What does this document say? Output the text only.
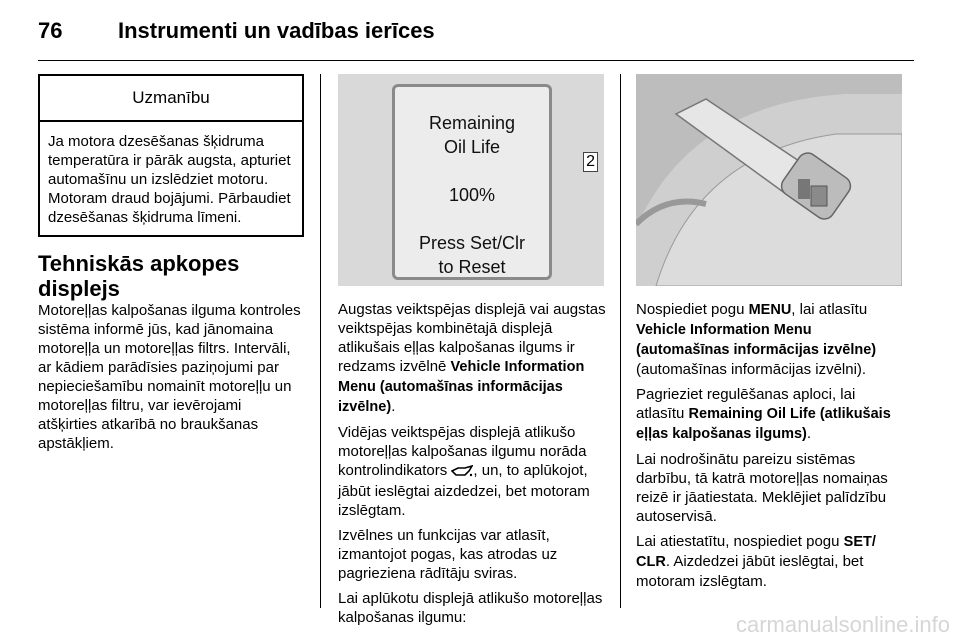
76	Instrumenti un vadības ierīces
Uzmanību
Ja motora dzesēšanas šķidruma temperatūra ir pārāk augsta, apturiet automašīnu un izslēdziet motoru. Motoram draud bojājumi. Pārbaudiet dzesēšanas šķidruma līmeni.
Tehniskās apkopes displejs

Motoreļļas kalpošanas ilguma kontroles sistēma informē jūs, kad jānomaina motoreļļa un motoreļļas filtrs. Intervāli, ar kādiem parādīsies paziņojumi par nepieciešamību nomainīt motoreļļu un motoreļļas filtru, var ievērojami atšķirties atkarībā no braukšanas apstākļiem.

Remaining
Oil Life
100%
Press Set/Clr
to Reset
2

Augstas veiktspējas displejā vai augstas veiktspējas kombinētajā displejā atlikušais eļļas kalpošanas ilgums ir redzams izvēlnē Vehicle Information Menu (automašīnas informācijas izvēlne).

Vidējas veiktspējas displejā atlikušo motoreļļas kalpošanas ilgumu norāda kontrolindikators , un, to aplūkojot, jābūt ieslēgtai aizdedzei, bet motoram izslēgtam.

Izvēlnes un funkcijas var atlasīt, izmantojot pogas, kas atrodas uz pagrieziena rādītāju sviras.

Lai aplūkotu displejā atlikušo motoreļļas kalpošanas ilgumu:

Nospiediet pogu MENU, lai atlasītu Vehicle Information Menu (automašīnas informācijas izvēlne) (automašīnas informācijas izvēlni).

Pagrieziet regulēšanas aploci, lai atlasītu Remaining Oil Life (atlikušais eļļas kalpošanas ilgums).

Lai nodrošinātu pareizu sistēmas darbību, tā katrā motoreļļas nomaiņas reizē ir jāatiestata. Meklējiet palīdzību autoservisā.

Lai atiestatītu, nospiediet pogu SET/ CLR. Aizdedzei jābūt ieslēgtai, bet motoram izslēgtam.

carmanualsonline.info
